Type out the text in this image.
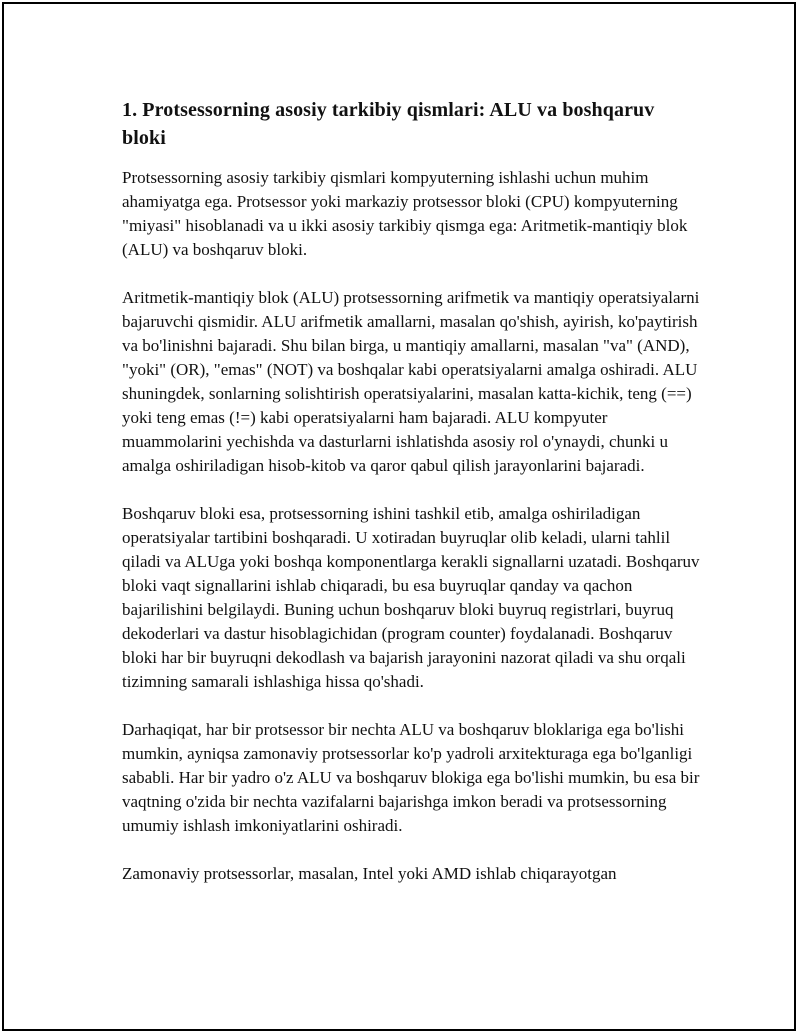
1. Protsessorning asosiy tarkibiy qismlari: ALU va boshqaruv bloki

Protsessorning asosiy tarkibiy qismlari kompyuterning ishlashi uchun muhim ahamiyatga ega. Protsessor yoki markaziy protsessor bloki (CPU) kompyuterning "miyasi" hisoblanadi va u ikki asosiy tarkibiy qismga ega: Aritmetik-mantiqiy blok (ALU) va boshqaruv bloki.

Aritmetik-mantiqiy blok (ALU) protsessorning arifmetik va mantiqiy operatsiyalarni bajaruvchi qismidir. ALU arifmetik amallarni, masalan qo'shish, ayirish, ko'paytirish va bo'linishni bajaradi. Shu bilan birga, u mantiqiy amallarni, masalan "va" (AND), "yoki" (OR), "emas" (NOT) va boshqalar kabi operatsiyalarni amalga oshiradi. ALU shuningdek, sonlarning solishtirish operatsiyalarini, masalan katta-kichik, teng (==) yoki teng emas (!=) kabi operatsiyalarni ham bajaradi. ALU kompyuter muammolarini yechishda va dasturlarni ishlatishda asosiy rol o'ynaydi, chunki u amalga oshiriladigan hisob-kitob va qaror qabul qilish jarayonlarini bajaradi.

Boshqaruv bloki esa, protsessorning ishini tashkil etib, amalga oshiriladigan operatsiyalar tartibini boshqaradi. U xotiradan buyruqlar olib keladi, ularni tahlil qiladi va ALUga yoki boshqa komponentlarga kerakli signallarni uzatadi. Boshqaruv bloki vaqt signallarini ishlab chiqaradi, bu esa buyruqlar qanday va qachon bajarilishini belgilaydi. Buning uchun boshqaruv bloki buyruq registrlari, buyruq dekoderlari va dastur hisoblagichidan (program counter) foydalanadi. Boshqaruv bloki har bir buyruqni dekodlash va bajarish jarayonini nazorat qiladi va shu orqali tizimning samarali ishlashiga hissa qo'shadi.

Darhaqiqat, har bir protsessor bir nechta ALU va boshqaruv bloklariga ega bo'lishi mumkin, ayniqsa zamonaviy protsessorlar ko'p yadroli arxitekturaga ega bo'lganligi sababli. Har bir yadro o'z ALU va boshqaruv blokiga ega bo'lishi mumkin, bu esa bir vaqtning o'zida bir nechta vazifalarni bajarishga imkon beradi va protsessorning umumiy ishlash imkoniyatlarini oshiradi.

Zamonaviy protsessorlar, masalan, Intel yoki AMD ishlab chiqarayotgan
